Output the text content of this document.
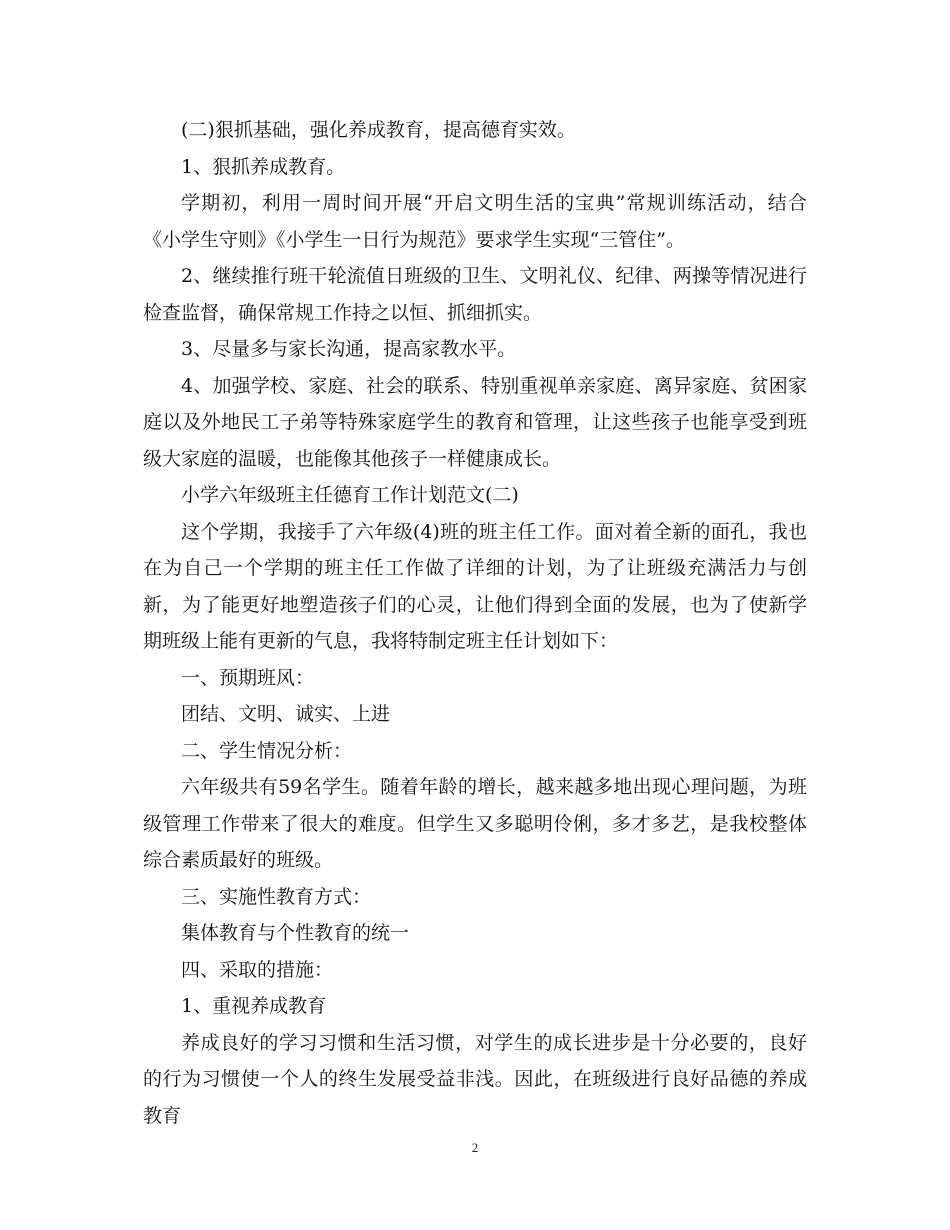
(二)狠抓基础，强化养成教育，提高德育实效。

1、狠抓养成教育。

学期初，利用一周时间开展“开启文明生活的宝典”常规训练活动，结合《小学生守则》《小学生一日行为规范》要求学生实现“三管住”。

2、继续推行班干轮流值日班级的卫生、文明礼仪、纪律、两操等情况进行检查监督，确保常规工作持之以恒、抓细抓实。

3、尽量多与家长沟通，提高家教水平。

4、加强学校、家庭、社会的联系、特别重视单亲家庭、离异家庭、贫困家庭以及外地民工子弟等特殊家庭学生的教育和管理，让这些孩子也能享受到班级大家庭的温暖，也能像其他孩子一样健康成长。

小学六年级班主任德育工作计划范文(二)

这个学期，我接手了六年级(4)班的班主任工作。面对着全新的面孔，我也在为自己一个学期的班主任工作做了详细的计划，为了让班级充满活力与创新，为了能更好地塑造孩子们的心灵，让他们得到全面的发展，也为了使新学期班级上能有更新的气息，我将特制定班主任计划如下：

一、预期班风：

团结、文明、诚实、上进

二、学生情况分析：

六年级共有59名学生。随着年龄的增长，越来越多地出现心理问题，为班级管理工作带来了很大的难度。但学生又多聪明伶俐，多才多艺，是我校整体综合素质最好的班级。

三、实施性教育方式：

集体教育与个性教育的统一

四、采取的措施：

1、重视养成教育

养成良好的学习习惯和生活习惯，对学生的成长进步是十分必要的，良好的行为习惯使一个人的终生发展受益非浅。因此，在班级进行良好品德的养成教育

2
